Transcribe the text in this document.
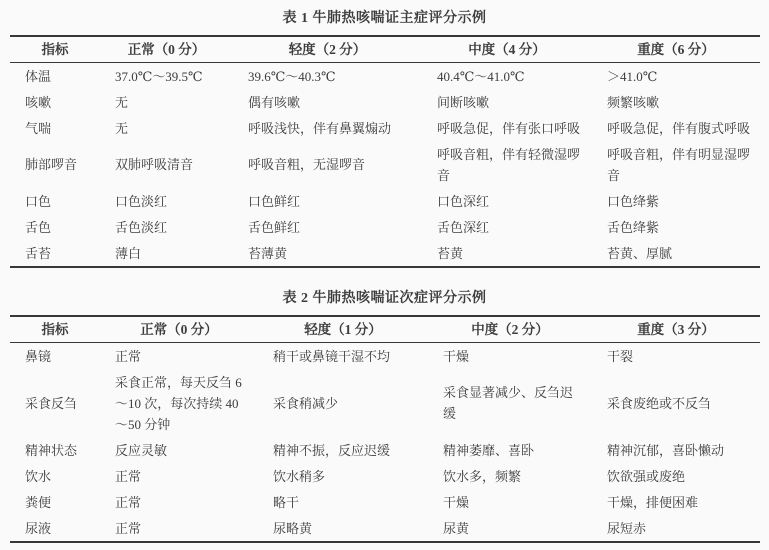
表 1 牛肺热咳喘证主症评分示例
指标	正常（0 分）	轻度（2 分）	中度（4 分）	重度（6 分）
体温	37.0℃～39.5℃	39.6℃～40.3℃	40.4℃～41.0℃	＞41.0℃
咳嗽	无	偶有咳嗽	间断咳嗽	频繁咳嗽
气喘	无	呼吸浅快，伴有鼻翼煽动	呼吸急促，伴有张口呼吸	呼吸急促，伴有腹式呼吸
肺部啰音	双肺呼吸清音	呼吸音粗，无湿啰音	呼吸音粗，伴有轻微湿啰音	呼吸音粗，伴有明显湿啰音
口色	口色淡红	口色鲜红	口色深红	口色绛紫
舌色	舌色淡红	舌色鲜红	舌色深红	舌色绛紫
舌苔	薄白	苔薄黄	苔黄	苔黄、厚腻
表 2 牛肺热咳喘证次症评分示例
指标	正常（0 分）	轻度（1 分）	中度（2 分）	重度（3 分）
鼻镜	正常	稍干或鼻镜干湿不均	干燥	干裂
采食反刍	采食正常，每天反刍 6～10 次，每次持续 40～50 分钟	采食稍减少	采食显著减少、反刍迟缓	采食废绝或不反刍
精神状态	反应灵敏	精神不振，反应迟缓	精神萎靡、喜卧	精神沉郁，喜卧懒动
饮水	正常	饮水稍多	饮水多，频繁	饮欲强或废绝
粪便	正常	略干	干燥	干燥，排便困难
尿液	正常	尿略黄	尿黄	尿短赤
